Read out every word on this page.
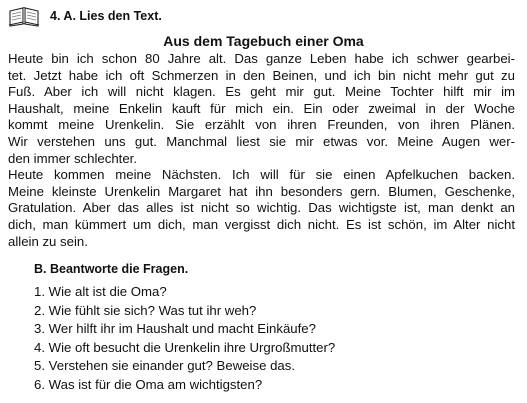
4. A. Lies den Text.
Aus dem Tagebuch einer Oma
Heute bin ich schon 80 Jahre alt. Das ganze Leben habe ich schwer gearbei-
tet. Jetzt habe ich oft Schmerzen in den Beinen, und ich bin nicht mehr gut zu
Fuß. Aber ich will nicht klagen. Es geht mir gut. Meine Tochter hilft mir im
Haushalt, meine Enkelin kauft für mich ein. Ein oder zweimal in der Woche
kommt meine Urenkelin. Sie erzählt von ihren Freunden, von ihren Plänen.
Wir verstehen uns gut. Manchmal liest sie mir etwas vor. Meine Augen wer-
den immer schlechter.
Heute kommen meine Nächsten. Ich will für sie einen Apfelkuchen backen.
Meine kleinste Urenkelin Margaret hat ihn besonders gern. Blumen, Geschenke,
Gratulation. Aber das alles ist nicht so wichtig. Das wichtigste ist, man denkt an
dich, man kümmert um dich, man vergisst dich nicht. Es ist schön, im Alter nicht
allein zu sein.
B. Beantworte die Fragen.
1. Wie alt ist die Oma?
2. Wie fühlt sie sich? Was tut ihr weh?
3. Wer hilft ihr im Haushalt und macht Einkäufe?
4. Wie oft besucht die Urenkelin ihre Urgroßmutter?
5. Verstehen sie einander gut? Beweise das.
6. Was ist für die Oma am wichtigsten?
